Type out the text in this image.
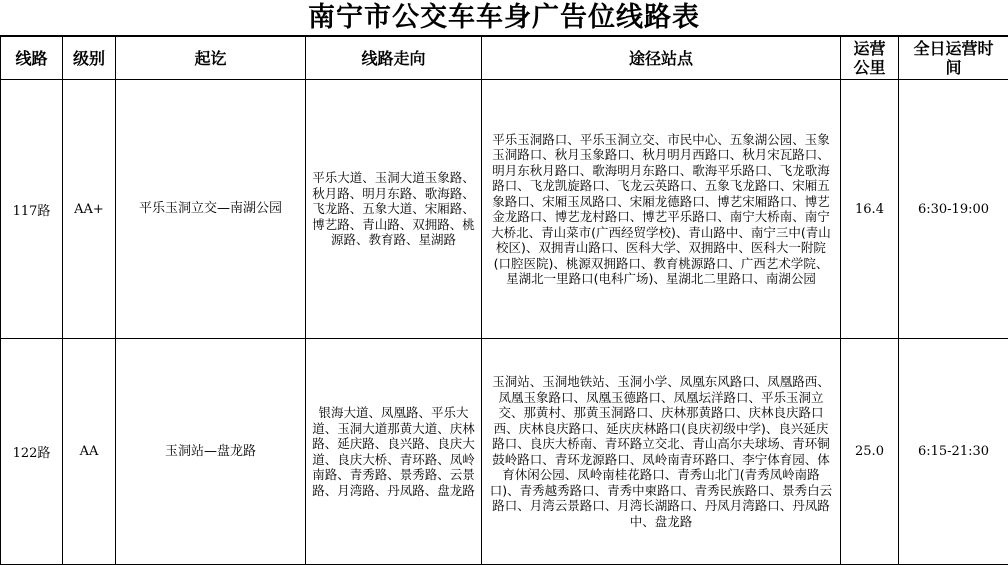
南宁市公交车车身广告位线路表
线路	级别	起讫	线路走向	途径站点	运营公里	全日运营时间
117路	AA+	平乐玉洞立交—南湖公园	平乐大道、玉洞大道玉象路、秋月路、明月东路、歌海路、飞龙路、五象大道、宋厢路、博艺路、青山路、双拥路、桃源路、教育路、星湖路	平乐玉洞路口、平乐玉洞立交、市民中心、五象湖公园、玉象玉洞路口、秋月玉象路口、秋月明月西路口、秋月宋瓦路口、明月东秋月路口、歌海明月东路口、歌海平乐路口、飞龙歌海路口、飞龙凯旋路口、飞龙云英路口、五象飞龙路口、宋厢五象路口、宋厢玉凤路口、宋厢龙德路口、博艺宋厢路口、博艺金龙路口、博艺龙村路口、博艺平乐路口、南宁大桥南、南宁大桥北、青山菜市(广西经贸学校)、青山路中、南宁三中(青山校区)、双拥青山路口、医科大学、双拥路中、医科大一附院(口腔医院)、桃源双拥路口、教育桃源路口、广西艺术学院、星湖北一里路口(电科广场)、星湖北二里路口、南湖公园	16.4	6:30-19:00
122路	AA	玉洞站—盘龙路	银海大道、凤凰路、平乐大道、玉洞大道那黄大道、庆林路、延庆路、良兴路、良庆大道、良庆大桥、青环路、凤岭南路、青秀路、景秀路、云景路、月湾路、丹凤路、盘龙路	玉洞站、玉洞地铁站、玉洞小学、凤凰东风路口、凤凰路西、凤凰玉象路口、凤凰玉德路口、凤凰坛洋路口、平乐玉洞立交、那黄村、那黄玉洞路口、庆林那黄路口、庆林良庆路口西、庆林良庆路口、延庆庆林路口(良庆初级中学)、良兴延庆路口、良庆大桥南、青环路立交北、青山高尔夫球场、青环铜鼓岭路口、青环龙源路口、凤岭南青环路口、李宁体育园、体育休闲公园、凤岭南桂花路口、青秀山北门(青秀凤岭南路口)、青秀越秀路口、青秀中柬路口、青秀民族路口、景秀白云路口、月湾云景路口、月湾长湖路口、丹凤月湾路口、丹凤路中、盘龙路	25.0	6:15-21:30
